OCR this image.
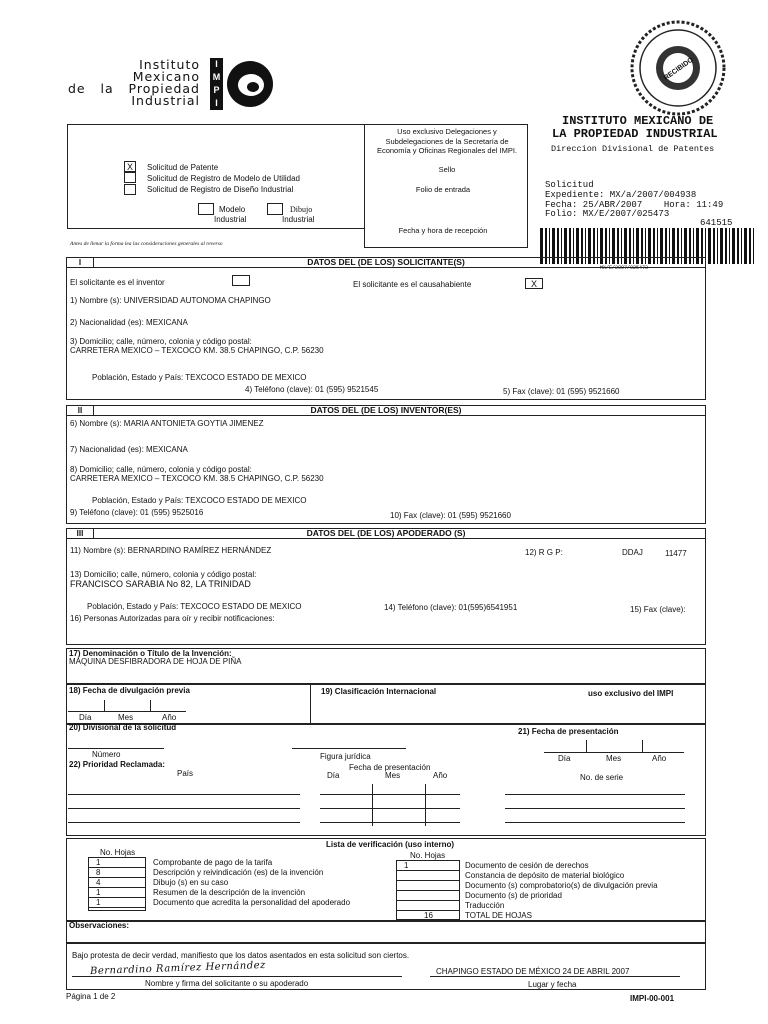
Instituto
Mexicano
de   la   Propiedad
Industrial
I
M
P
I
RECIBIDO
INSTITUTO MEXICANO DE
LA PROPIEDAD INDUSTRIAL
Direccion Divisional de Patentes
Solicitud
Expediente: MX/a/2007/004938
Fecha: 25/ABR/2007    Hora: 11:49
Folio: MX/E/2007/025473
641515
MX/E/2007/025473
X	Solicitud de Patente
Solicitud de Registro de Modelo de Utilidad
Solicitud de Registro de Diseño Industrial
Modelo
Industrial
Dibujo
Industrial
Antes de llenar la forma lea las consideraciones generales al reverso
Uso exclusivo Delegaciones y Subdelegaciones de la Secretaría de Economía y Oficinas Regionales del IMPI.
Sello
Folio de entrada
Fecha y hora de recepción
I	DATOS DEL (DE LOS) SOLICITANTE(S)
El solicitante es el inventor	El solicitante es el causahabiente	X
1) Nombre (s): UNIVERSIDAD AUTONOMA CHAPINGO
2) Nacionalidad (es): MEXICANA
3) Domicilio; calle, número, colonia y código postal:
CARRETERA MEXICO – TEXCOCO KM. 38.5 CHAPINGO, C.P. 56230
Población, Estado y País: TEXCOCO ESTADO DE MEXICO
4) Teléfono (clave): 01 (595) 9521545	5) Fax (clave): 01 (595) 9521660
II	DATOS DEL (DE LOS) INVENTOR(ES)
6) Nombre (s): MARIA ANTONIETA GOYTIA JIMENEZ
7) Nacionalidad (es): MEXICANA
8) Domicilio; calle, número, colonia y código postal:
CARRETERA MEXICO – TEXCOCO KM. 38.5 CHAPINGO, C.P. 56230
Población, Estado y País: TEXCOCO ESTADO DE MEXICO
9) Teléfono (clave): 01 (595) 9525016	10) Fax (clave): 01 (595) 9521660
III	DATOS DEL (DE LOS) APODERADO (S)
11) Nombre (s): BERNARDINO RAMÍREZ HERNÁNDEZ	12) R G P:	DDAJ	11477
13) Domicilio; calle, número, colonia y código postal:
FRANCISCO SARABIA No 82, LA TRINIDAD
Población, Estado y País: TEXCOCO ESTADO DE MEXICO	14) Teléfono (clave): 01(595)6541951	15) Fax (clave):
16) Personas Autorizadas para oír y recibir notificaciones:
17) Denominación o Título de la Invención:
MÁQUINA DESFIBRADORA DE HOJA DE PIÑA
18) Fecha de divulgación previa
Día	Mes	Año
19) Clasificación Internacional	uso exclusivo del IMPI
20) Divisional de la solicitud	21) Fecha de presentación
Número	Figura jurídica	Día	Mes	Año
22) Prioridad Reclamada:
País
Fecha de presentación
Día	Mes	Año	No. de serie
Lista de verificación (uso interno)
No. Hojas	No. Hojas
1	Comprobante de pago de la tarifa
8	Descripción y reivindicación (es) de la invención
4	Dibujo (s) en su caso
1	Resumen de la descripción de la invención
1	Documento que acredita la personalidad del apoderado
1	Documento de cesión de derechos
Constancia de depósito de material biológico
Documento (s) comprobatorio(s) de divulgación previa
Documento (s) de prioridad
Traducción
16	TOTAL DE HOJAS
Observaciones:
Bajo protesta de decir verdad, manifiesto que los datos asentados en esta solicitud son ciertos.
Bernardino Ramírez Hernández	CHAPINGO ESTADO DE MÉXICO 24 DE ABRIL 2007
Nombre y firma del solicitante o su apoderado	Lugar y fecha
Página 1 de 2	IMPI-00-001
